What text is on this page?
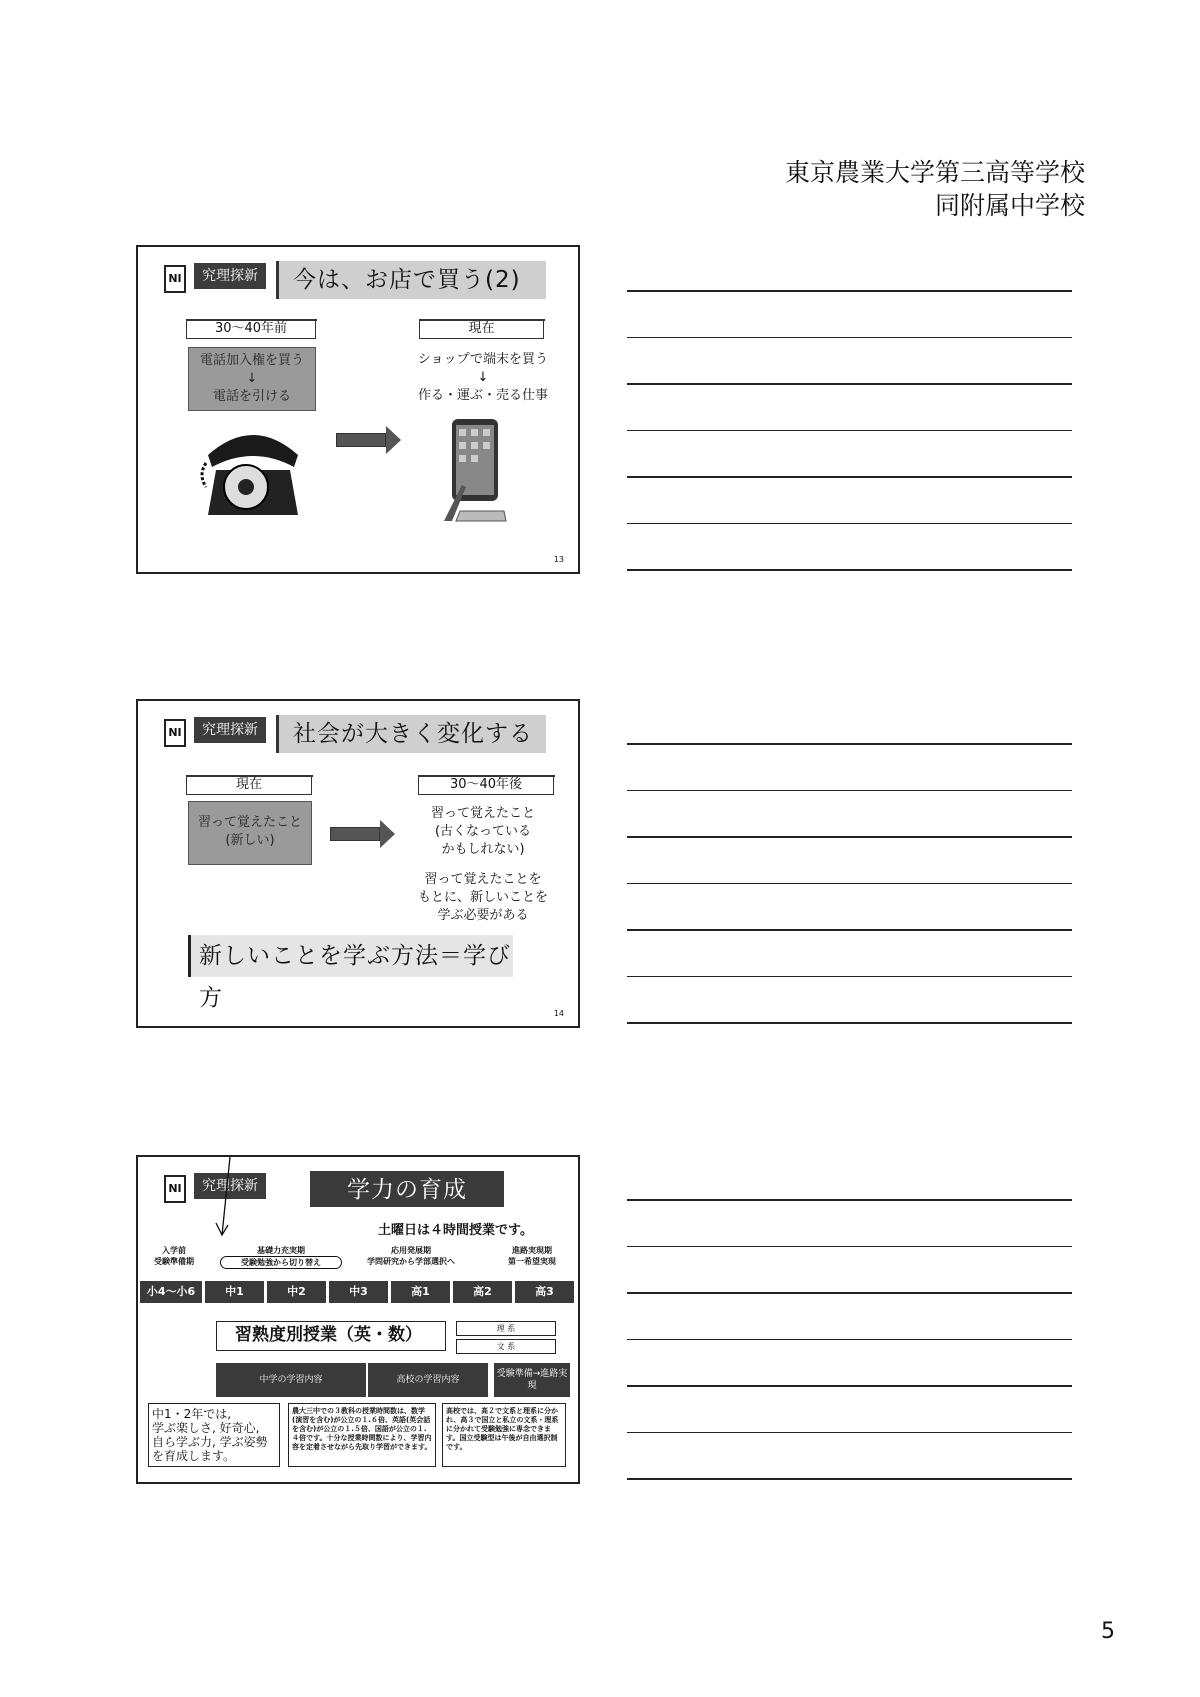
東京農業大学第三高等学校
同附属中学校
NI	究理探新	今は、お店で買う(2)
30～40年前
電話加入権を買う
↓
電話を引ける
現在
ショップで端末を買う
↓
作る・運ぶ・売る仕事
13
NI	究理探新	社会が大きく変化する
現在
習って覚えたこと
(新しい)
30～40年後
習って覚えたこと
(古くなっている
かもしれない)
習って覚えたことを
もとに、新しいことを
学ぶ必要がある
新しいことを学ぶ方法＝学び方
14
NI	究理探新	学力の育成
土曜日は４時間授業です。
入学前
受験準備期
基礎力充実期
受験勉強から切り替え
応用発展期
学問研究から学部選択へ
進路実現期
第一希望実現
小4～小6	中1	中2	中3	高1	高2	高3
習熟度別授業（英・数）	理 系
文 系
中学の学習内容	高校の学習内容
受験準備→進路実現
中1・2年では,
学ぶ楽しさ, 好奇心,
自ら学ぶ力, 学ぶ姿勢
を育成します。
農大三中での３教科の授業時間数は、数学(演習を含む)が公立の１.６倍、英語(英会話を含む)が公立の１.５倍、国語が公立の１.４倍です。十分な授業時間数により、学習内容を定着させながら先取り学習ができます。
高校では、高２で文系と理系に分かれ、高３で国立と私立の文系・理系に分かれて受験勉強に専念できます。国立受験型は午後が自由選択制です。
5
